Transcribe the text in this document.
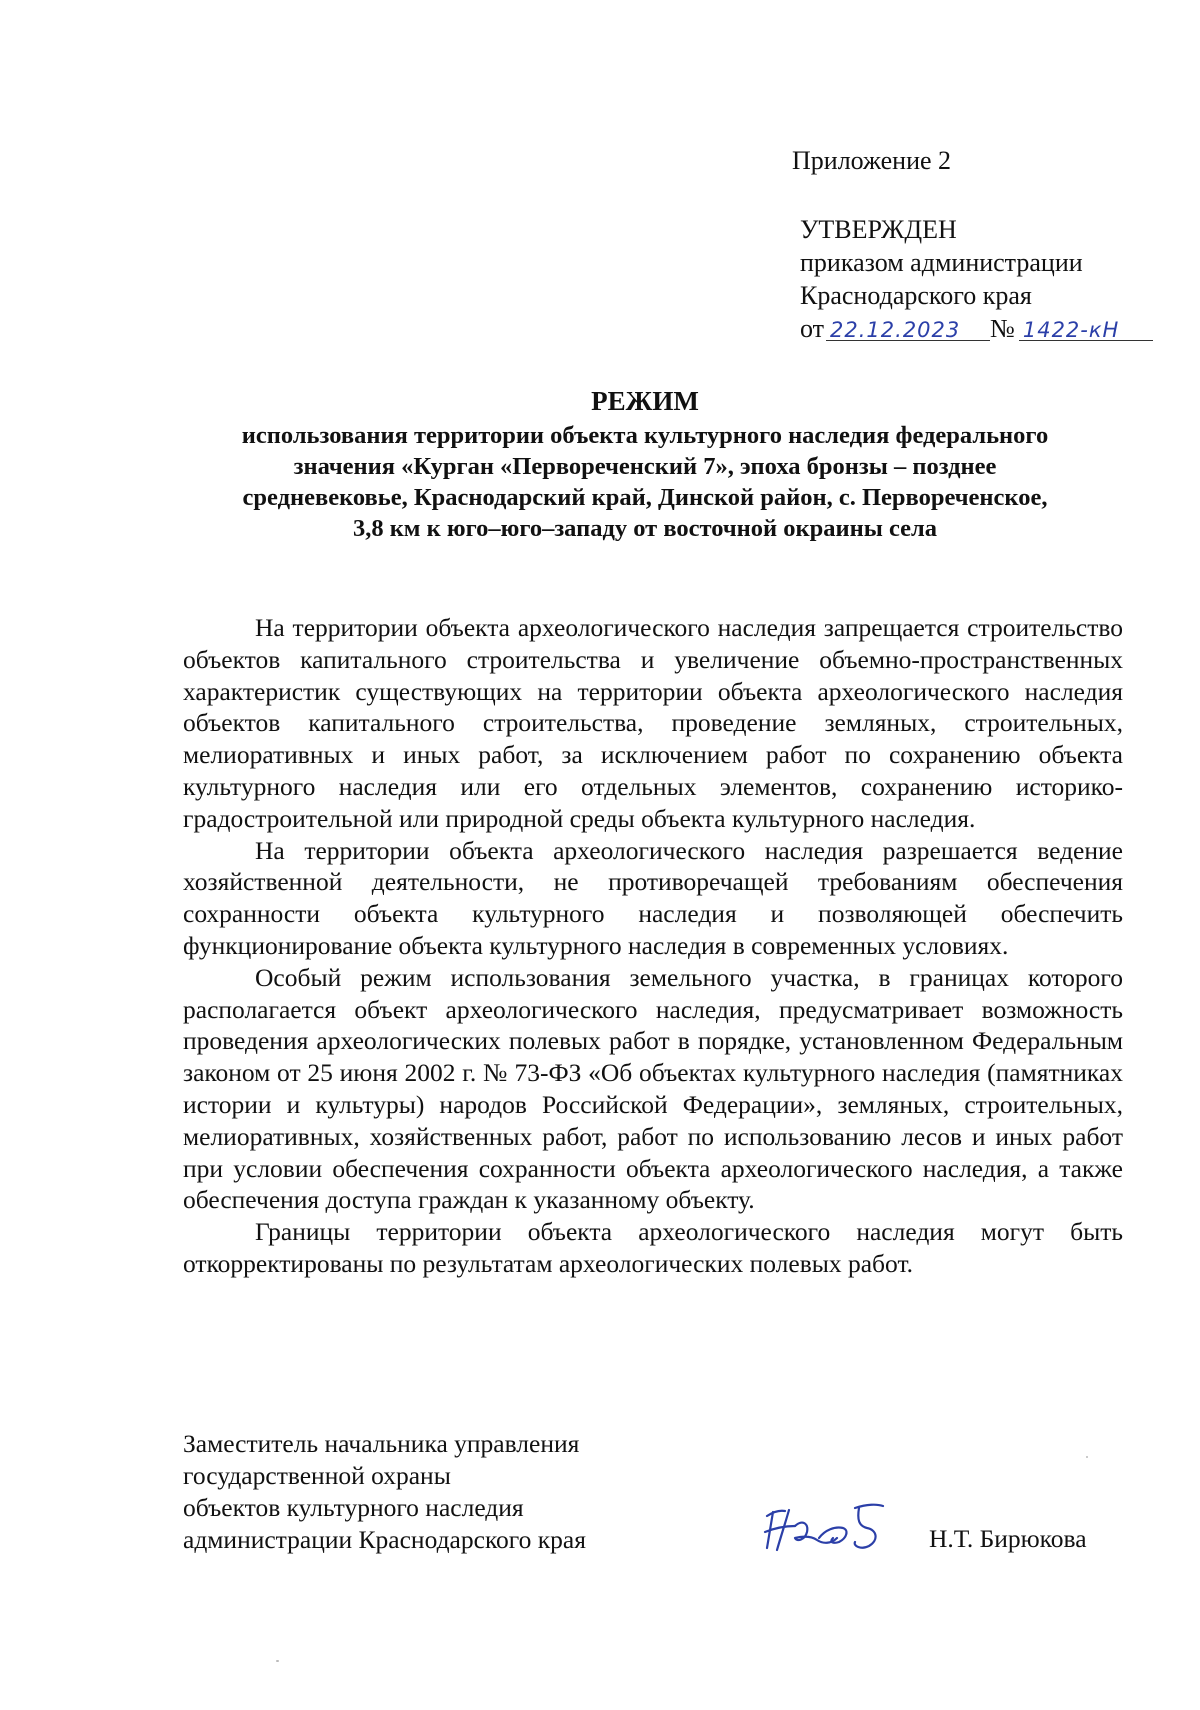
Приложение 2
УТВЕРЖДЕН
приказом администрации
Краснодарского края
от 22.12.2023	№ 1422-кН
РЕЖИМ
использования территории объекта культурного наследия федерального
значения «Курган «Первореченский 7», эпоха бронзы – позднее
средневековье, Краснодарский край, Динской район, с. Первореченское,
3,8 км к юго–юго–западу от восточной окраины села

На территории объекта археологического наследия запрещается строительство объектов капитального строительства и увеличение объемно-пространственных характеристик существующих на территории объекта археологического наследия объектов капитального строительства, проведение земляных, строительных, мелиоративных и иных работ, за исключением работ по сохранению объекта культурного наследия или его отдельных элементов, сохранению историко-градостроительной или природной среды объекта культурного наследия.

На территории объекта археологического наследия разрешается ведение хозяйственной деятельности, не противоречащей требованиям обеспечения сохранности объекта культурного наследия и позволяющей обеспечить функционирование объекта культурного наследия в современных условиях.

Особый режим использования земельного участка, в границах которого располагается объект археологического наследия, предусматривает возможность проведения археологических полевых работ в порядке, установленном Федеральным законом от 25 июня 2002 г. № 73-ФЗ «Об объектах культурного наследия (памятниках истории и культуры) народов Российской Федерации», земляных, строительных, мелиоративных, хозяйственных работ, работ по использованию лесов и иных работ при условии обеспечения сохранности объекта археологического наследия, а также обеспечения доступа граждан к указанному объекту.

Границы территории объекта археологического наследия могут быть откорректированы по результатам археологических полевых работ.

Заместитель начальника управления
государственной охраны
объектов культурного наследия
администрации Краснодарского края	Н.Т. Бирюкова
